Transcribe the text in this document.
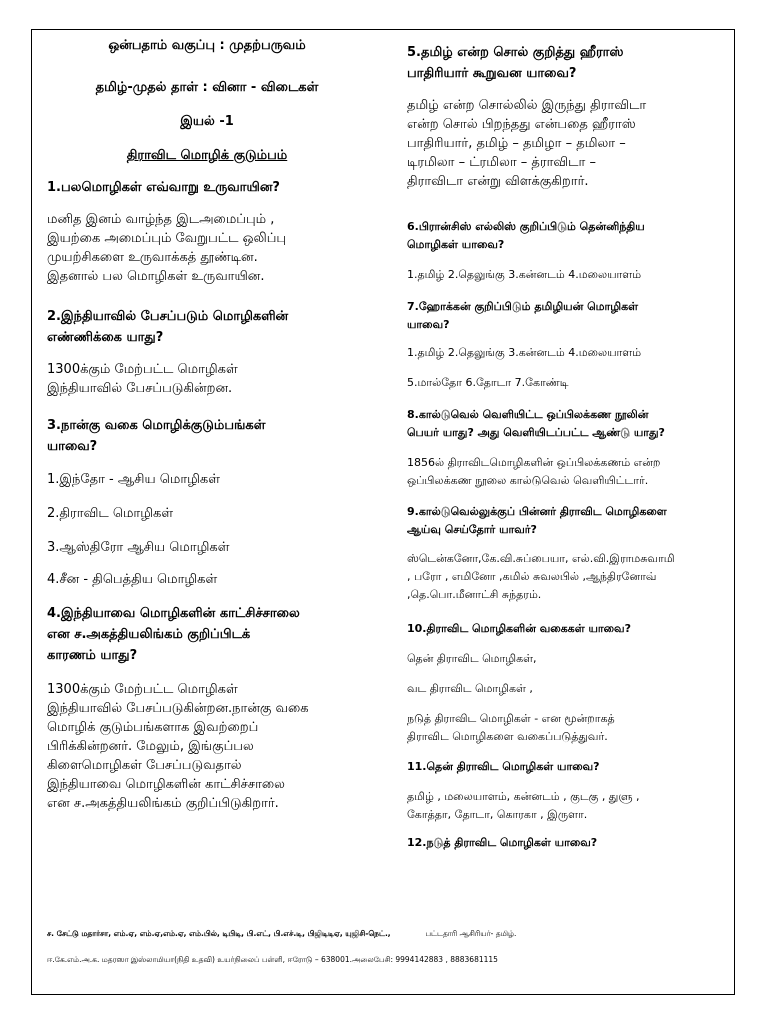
ஒன்பதாம் வகுப்பு : முதற்பருவம்
தமிழ்-முதல் தாள் : வினா - விடைகள்
இயல் -1
திராவிட மொழிக் குடும்பம்
1.பலமொழிகள் எவ்வாறு உருவாயின?
மனித இனம் வாழ்ந்த இடஅமைப்பும் ,
இயற்கை அமைப்பும் வேறுபட்ட ஒலிப்பு
முயற்சிகளை உருவாக்கத் தூண்டின.
இதனால் பல மொழிகள் உருவாயின.
2.இந்தியாவில் பேசப்படும் மொழிகளின்
எண்ணிக்கை யாது?
1300க்கும் மேற்பட்ட மொழிகள்
இந்தியாவில் பேசப்படுகின்றன.
3.நான்கு வகை மொழிக்குடும்பங்கள்
யாவை?
1.இந்தோ - ஆசிய மொழிகள்
2.திராவிட மொழிகள்
3.ஆஸ்திரோ ஆசிய மொழிகள்
4.சீன - திபெத்திய மொழிகள்
4.இந்தியாவை மொழிகளின் காட்சிச்சாலை
என ச.அகத்தியலிங்கம் குறிப்பிடக்
காரணம் யாது?
1300க்கும் மேற்பட்ட மொழிகள்
இந்தியாவில் பேசப்படுகின்றன.நான்கு வகை
மொழிக் குடும்பங்களாக இவற்றைப்
பிரிக்கின்றனர். மேலும், இங்குப்பல
கிளைமொழிகள் பேசப்படுவதால்
இந்தியாவை மொழிகளின் காட்சிச்சாலை
என ச.அகத்தியலிங்கம் குறிப்பிடுகிறார்.
5.தமிழ் என்ற சொல் குறித்து ஹீராஸ்
பாதிரியார் கூறுவன யாவை?
தமிழ் என்ற சொல்லில் இருந்து திராவிடா
என்ற சொல் பிறந்தது என்பதை ஹீராஸ்
பாதிரியார், தமிழ் – தமிழா – தமிலா –
டிரமிலா – ட்ரமிலா – த்ராவிடா –
திராவிடா என்று விளக்குகிறார்.
6.பிரான்சிஸ் எல்லிஸ் குறிப்பிடும் தென்னிந்திய
மொழிகள் யாவை?
1.தமிழ் 2.தெலுங்கு 3.கன்னடம் 4.மலையாளம்
7.ஹோக்கன் குறிப்பிடும் தமிழியன் மொழிகள்
யாவை?
1.தமிழ் 2.தெலுங்கு 3.கன்னடம் 4.மலையாளம்
5.மால்தோ 6.தோடா 7.கோண்டி
8.கால்டுவெல் வெளியிட்ட ஒப்பிலக்கண நூலின்
பெயர் யாது? அது வெளியிடப்பட்ட ஆண்டு யாது?
1856ல் திராவிடமொழிகளின் ஒப்பிலக்கணம் என்ற
ஒப்பிலக்கண நூலை கால்டுவெல் வெளியிட்டார்.
9.கால்டுவெல்லுக்குப் பின்னர் திராவிட மொழிகளை
ஆய்வு செய்தோர் யாவர்?
ஸ்டென்கனோ,கே.வி.சுப்பையா, எல்.வி.இராமசுவாமி
, பரோ , எமினோ ,கமில் சுவலபில் ,ஆந்திரனோவ்
,தெ.பொ.மீனாட்சி சுந்தரம்.
10.திராவிட மொழிகளின் வகைகள் யாவை?
தென் திராவிட மொழிகள்,
வட திராவிட மொழிகள் ,
நடுத் திராவிட மொழிகள் - என மூன்றாகத்
திராவிட மொழிகளை வகைப்படுத்துவர்.
11.தென் திராவிட மொழிகள் யாவை?
தமிழ் , மலையாளம், கன்னடம் , குடகு , துளு ,
கோத்தா, தோடா, கொரகா , இருளா.
12.நடுத் திராவிட மொழிகள் யாவை?
ச. சேட்டு மதார்சா, எம்.ஏ, எம்.ஏ,எம்.ஏ, எம்.பில், டிபிடி, பி.எட், பி.எச்.டி, பிஜிடிடிஏ, யுஜிசி-நெட்.,	பட்டதாரி ஆசிரியர்- தமிழ்.
ஈ.கே.எம்.அ.க. மதரஸா இஸ்லாமியா(நிதி உதவி) உயர்நிலைப் பள்ளி, ஈரோடு – 638001.அலைபேசி: 9994142883 , 8883681115
